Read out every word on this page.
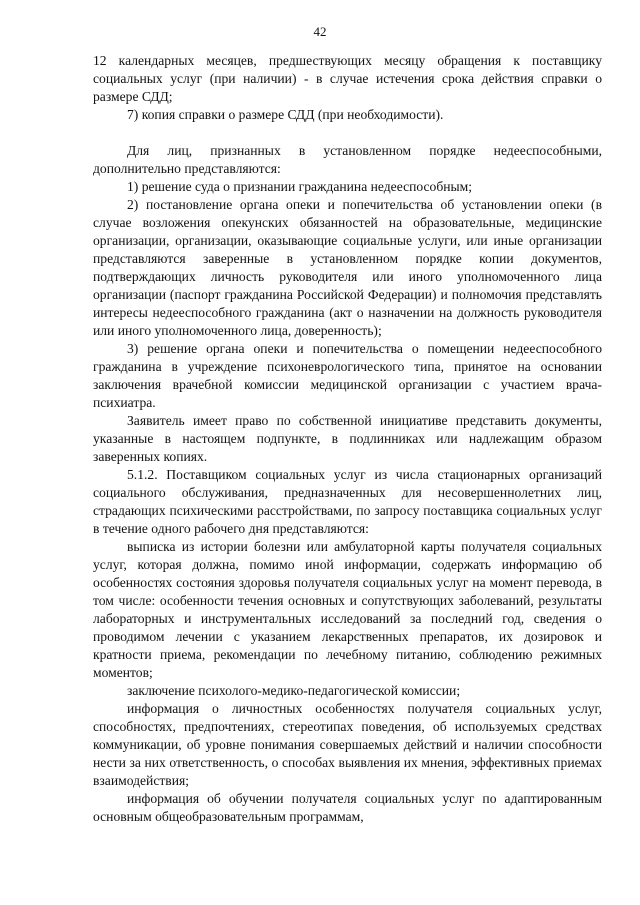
42

12 календарных месяцев, предшествующих месяцу обращения к поставщику социальных услуг (при наличии) - в случае истечения срока действия справки о размере СДД;

7) копия справки о размере СДД (при необходимости).

Для лиц, признанных в установленном порядке недееспособными, дополнительно представляются:

1) решение суда о признании гражданина недееспособным;

2) постановление органа опеки и попечительства об установлении опеки (в случае возложения опекунских обязанностей на образовательные, медицинские организации, организации, оказывающие социальные услуги, или иные организации представляются заверенные в установленном порядке копии документов, подтверждающих личность руководителя или иного уполномоченного лица организации (паспорт гражданина Российской Федерации) и полномочия представлять интересы недееспособного гражданина (акт о назначении на должность руководителя или иного уполномоченного лица, доверенность);

3) решение органа опеки и попечительства о помещении недееспособного гражданина в учреждение психоневрологического типа, принятое на основании заключения врачебной комиссии медицинской организации с участием врача-психиатра.

Заявитель имеет право по собственной инициативе представить документы, указанные в настоящем подпункте, в подлинниках или надлежащим образом заверенных копиях.

5.1.2. Поставщиком социальных услуг из числа стационарных организаций социального обслуживания, предназначенных для несовершеннолетних лиц, страдающих психическими расстройствами, по запросу поставщика социальных услуг в течение одного рабочего дня представляются:

выписка из истории болезни или амбулаторной карты получателя социальных услуг, которая должна, помимо иной информации, содержать информацию об особенностях состояния здоровья получателя социальных услуг на момент перевода, в том числе: особенности течения основных и сопутствующих заболеваний, результаты лабораторных и инструментальных исследований за последний год, сведения о проводимом лечении с указанием лекарственных препаратов, их дозировок и кратности приема, рекомендации по лечебному питанию, соблюдению режимных моментов;

заключение психолого-медико-педагогической комиссии;

информация о личностных особенностях получателя социальных услуг, способностях, предпочтениях, стереотипах поведения, об используемых средствах коммуникации, об уровне понимания совершаемых действий и наличии способности нести за них ответственность, о способах выявления их мнения, эффективных приемах взаимодействия;

информация об обучении получателя социальных услуг по адаптированным основным общеобразовательным программам,
